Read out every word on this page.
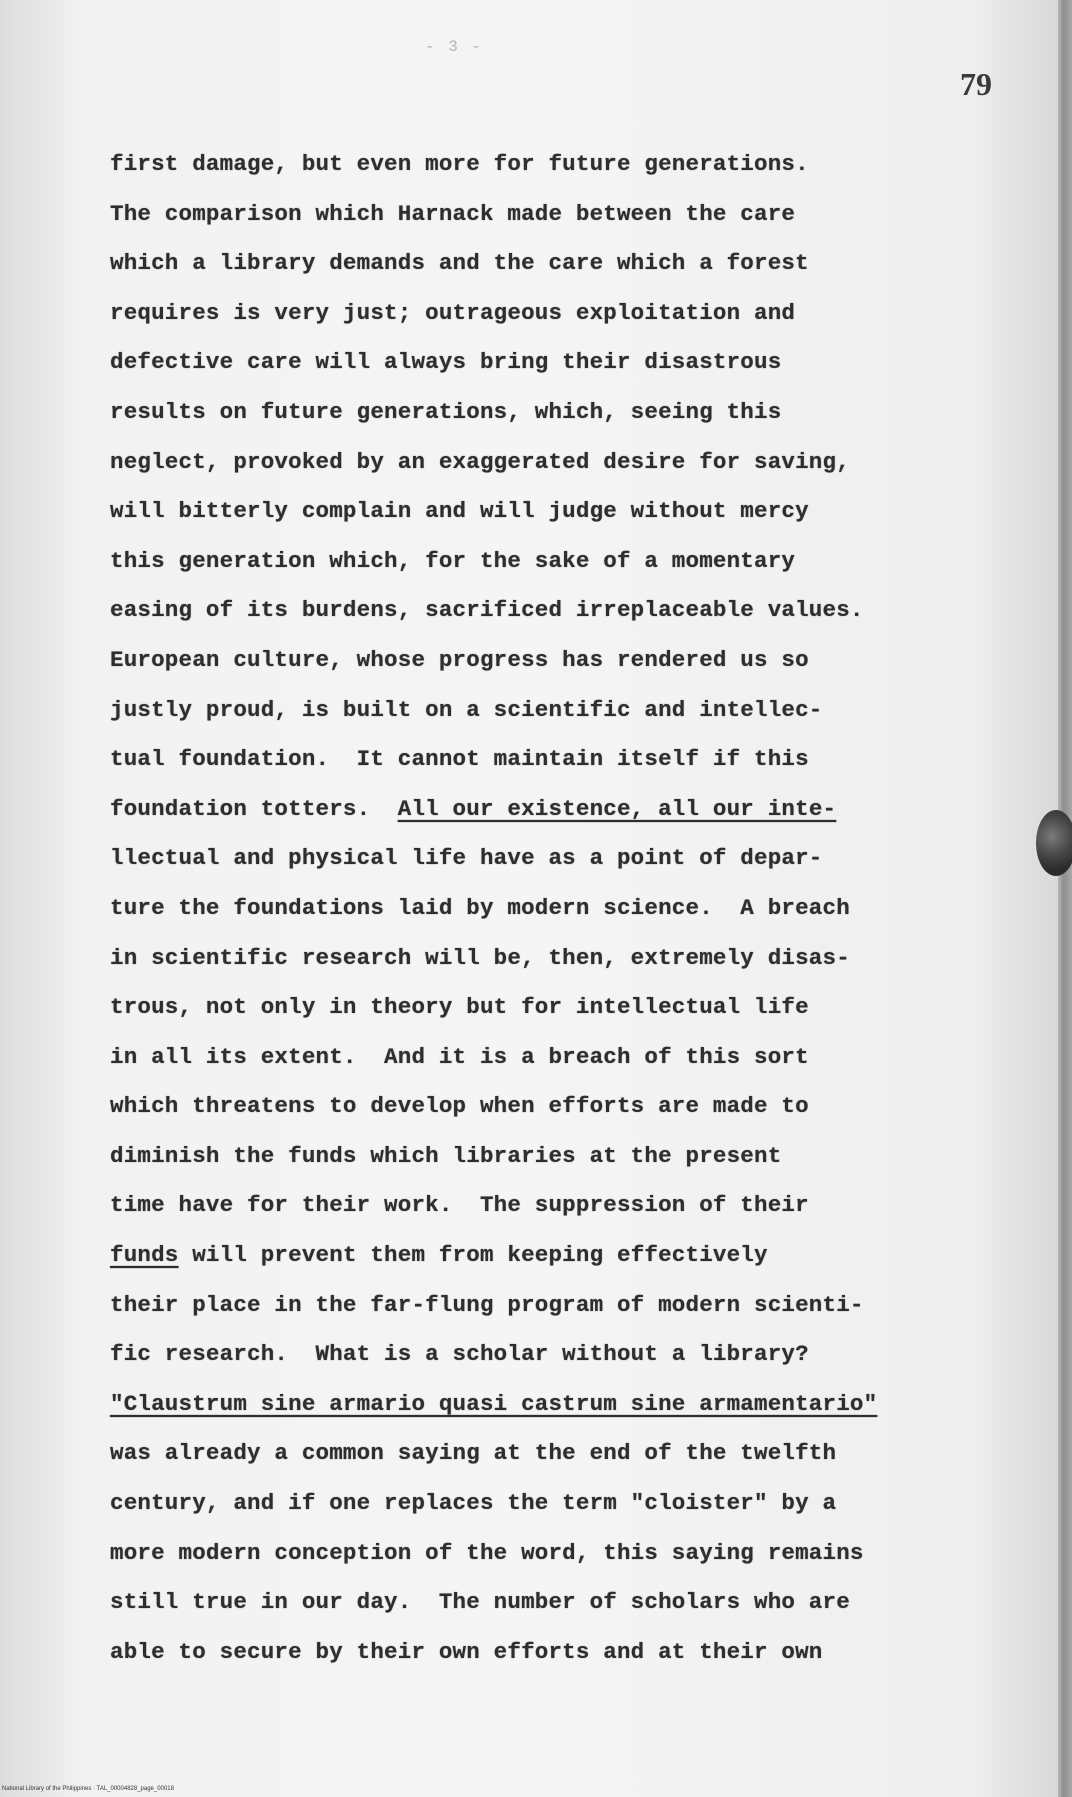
- 3 -
79
first damage, but even more for future generations.
The comparison which Harnack made between the care
which a library demands and the care which a forest
requires is very just; outrageous exploitation and
defective care will always bring their disastrous
results on future generations, which, seeing this
neglect, provoked by an exaggerated desire for saving,
will bitterly complain and will judge without mercy
this generation which, for the sake of a momentary
easing of its burdens, sacrificed irreplaceable values.
European culture, whose progress has rendered us so
justly proud, is built on a scientific and intellec-
tual foundation.  It cannot maintain itself if this
foundation totters.  All our existence, all our inte-
llectual and physical life have as a point of depar-
ture the foundations laid by modern science.  A breach
in scientific research will be, then, extremely disas-
trous, not only in theory but for intellectual life
in all its extent.  And it is a breach of this sort
which threatens to develop when efforts are made to
diminish the funds which libraries at the present
time have for their work.  The suppression of their
funds will prevent them from keeping effectively
their place in the far-flung program of modern scienti-
fic research.  What is a scholar without a library?
"Claustrum sine armario quasi castrum sine armamentario"
was already a common saying at the end of the twelfth
century, and if one replaces the term "cloister" by a
more modern conception of the word, this saying remains
still true in our day.  The number of scholars who are
able to secure by their own efforts and at their own
National Library of the Philippines · TAL_00004828_page_00018
